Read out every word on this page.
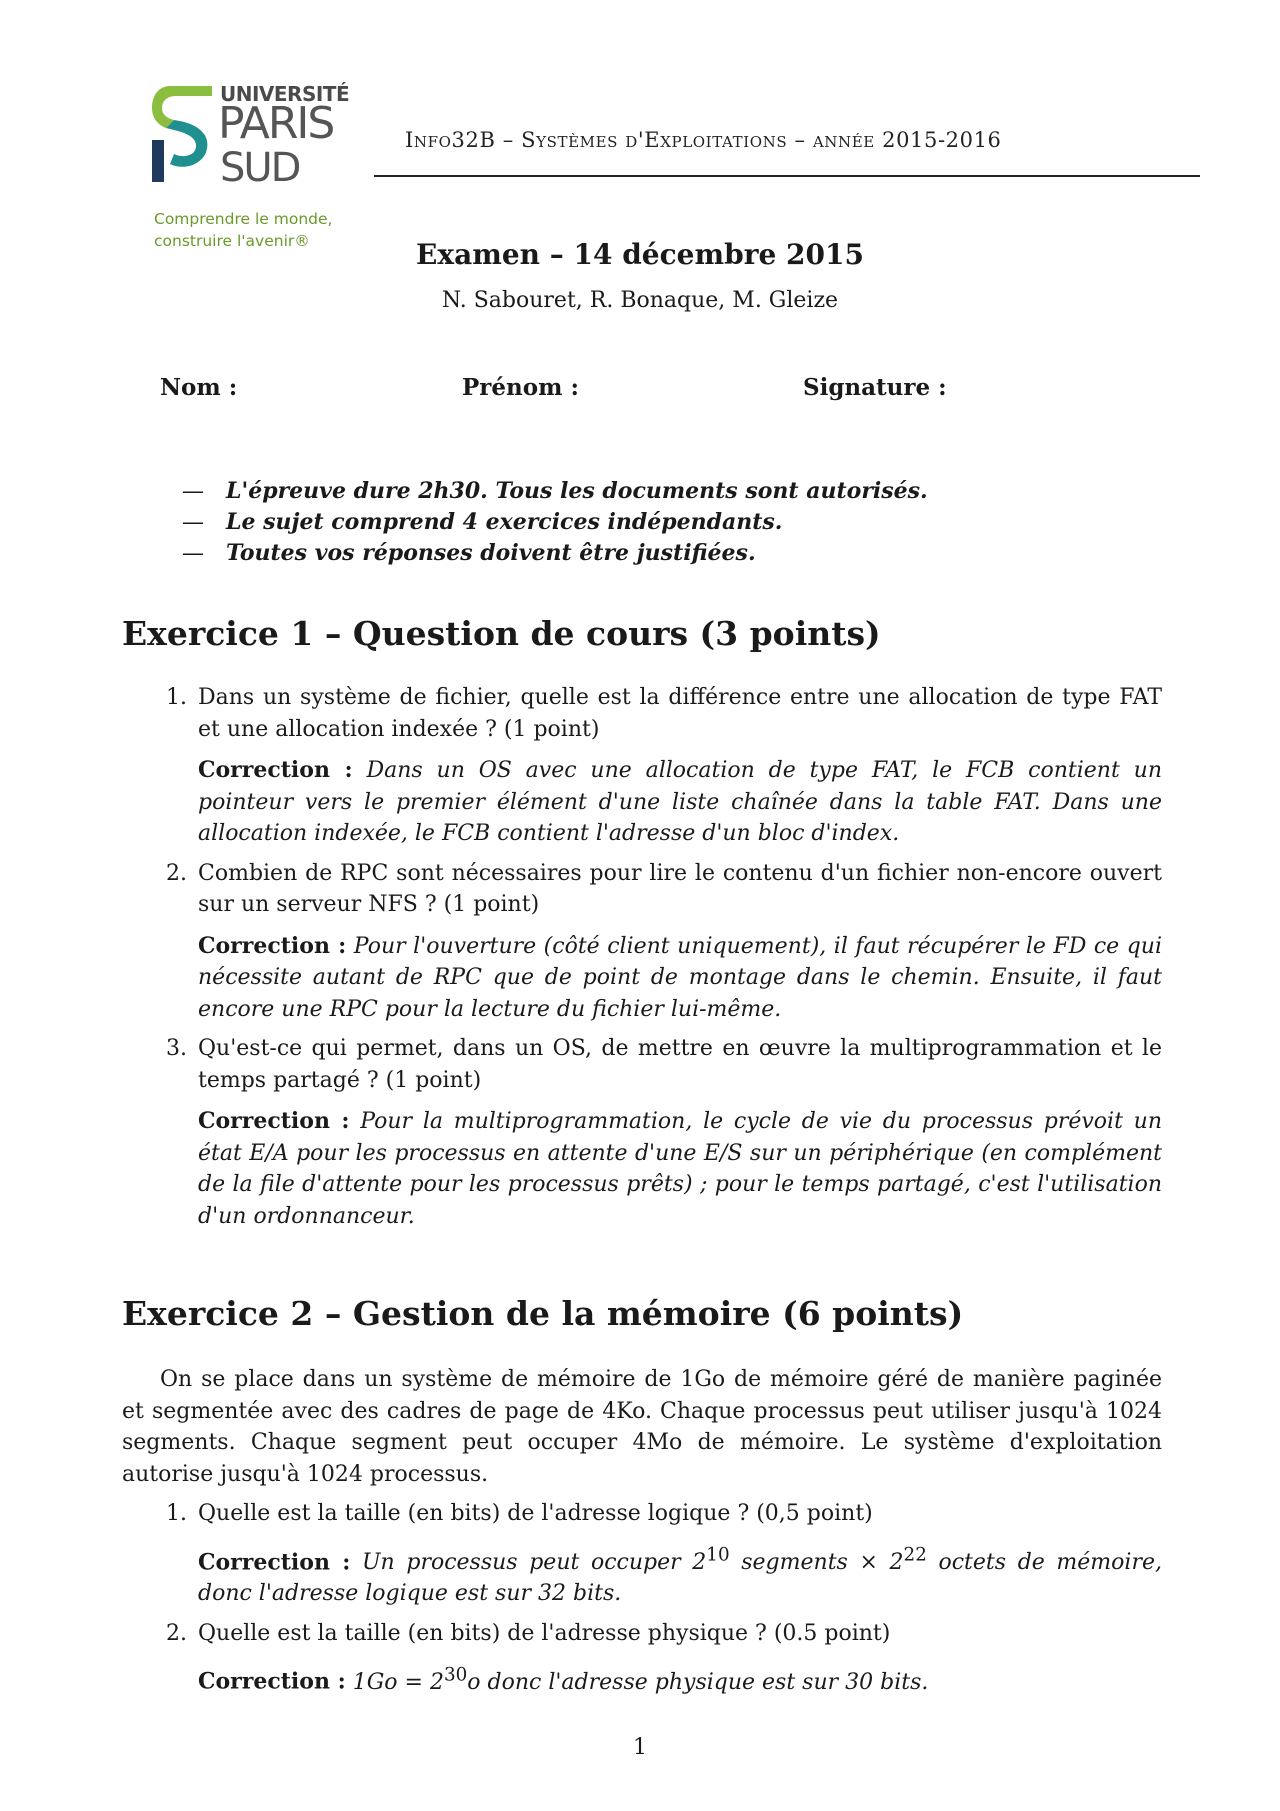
UNIVERSITÉ
PARIS
SUD
Comprendre le monde,
construire l'avenir®
Info32B – Systèmes d'Exploitations – année 2015-2016
Examen – 14 décembre 2015
N. Sabouret, R. Bonaque, M. Gleize
Nom :	Prénom :	Signature :
— L'épreuve dure 2h30. Tous les documents sont autorisés.
— Le sujet comprend 4 exercices indépendants.
— Toutes vos réponses doivent être justifiées.
Exercice 1 – Question de cours (3 points)
1. Dans un système de fichier, quelle est la différence entre une allocation de type FAT et une allocation indexée ? (1 point)
Correction : Dans un OS avec une allocation de type FAT, le FCB contient un pointeur vers le premier élément d'une liste chaînée dans la table FAT. Dans une allocation indexée, le FCB contient l'adresse d'un bloc d'index.
2. Combien de RPC sont nécessaires pour lire le contenu d'un fichier non-encore ouvert sur un serveur NFS ? (1 point)
Correction : Pour l'ouverture (côté client uniquement), il faut récupérer le FD ce qui nécessite autant de RPC que de point de montage dans le chemin. Ensuite, il faut encore une RPC pour la lecture du fichier lui-même.
3. Qu'est-ce qui permet, dans un OS, de mettre en œuvre la multiprogrammation et le temps partagé ? (1 point)
Correction : Pour la multiprogrammation, le cycle de vie du processus prévoit un état E/A pour les processus en attente d'une E/S sur un périphérique (en complément de la file d'attente pour les processus prêts) ; pour le temps partagé, c'est l'utilisation d'un ordonnanceur.
Exercice 2 – Gestion de la mémoire (6 points)
On se place dans un système de mémoire de 1Go de mémoire géré de manière paginée et segmentée avec des cadres de page de 4Ko. Chaque processus peut utiliser jusqu'à 1024 segments. Chaque segment peut occuper 4Mo de mémoire. Le système d'exploitation autorise jusqu'à 1024 processus.
1. Quelle est la taille (en bits) de l'adresse logique ? (0,5 point)
Correction : Un processus peut occuper $2^{10}$ segments × $2^{22}$ octets de mémoire, donc l'adresse logique est sur 32 bits.
2. Quelle est la taille (en bits) de l'adresse physique ? (0.5 point)
Correction : $1Go = 2^{30}o$ donc l'adresse physique est sur 30 bits.
1
